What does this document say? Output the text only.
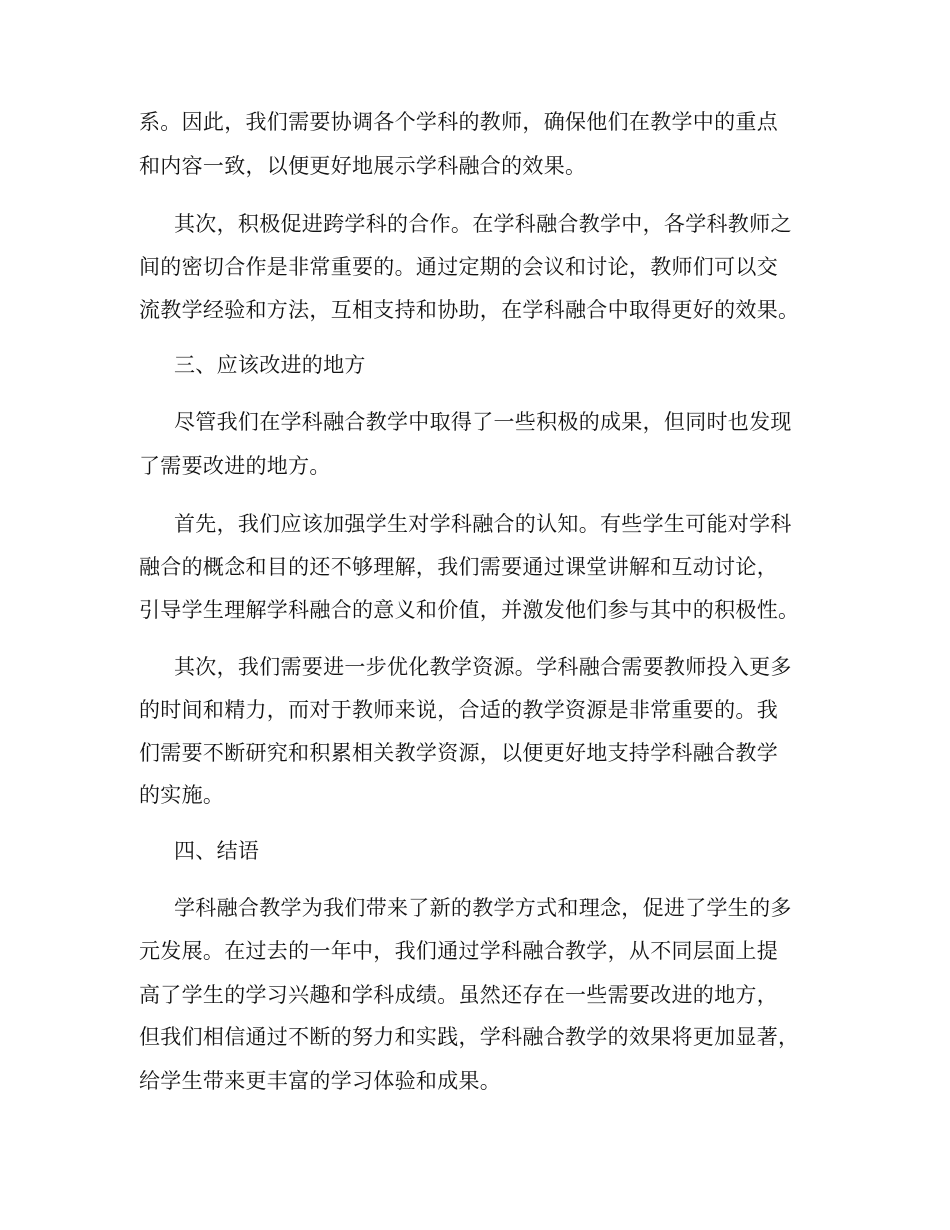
系。因此，我们需要协调各个学科的教师，确保他们在教学中的重点
和内容一致，以便更好地展示学科融合的效果。
其次，积极促进跨学科的合作。在学科融合教学中，各学科教师之
间的密切合作是非常重要的。通过定期的会议和讨论，教师们可以交
流教学经验和方法，互相支持和协助，在学科融合中取得更好的效果。
三、应该改进的地方
尽管我们在学科融合教学中取得了一些积极的成果，但同时也发现
了需要改进的地方。
首先，我们应该加强学生对学科融合的认知。有些学生可能对学科
融合的概念和目的还不够理解，我们需要通过课堂讲解和互动讨论，
引导学生理解学科融合的意义和价值，并激发他们参与其中的积极性。
其次，我们需要进一步优化教学资源。学科融合需要教师投入更多
的时间和精力，而对于教师来说，合适的教学资源是非常重要的。我
们需要不断研究和积累相关教学资源，以便更好地支持学科融合教学
的实施。
四、结语
学科融合教学为我们带来了新的教学方式和理念，促进了学生的多
元发展。在过去的一年中，我们通过学科融合教学，从不同层面上提
高了学生的学习兴趣和学科成绩。虽然还存在一些需要改进的地方，
但我们相信通过不断的努力和实践，学科融合教学的效果将更加显著，
给学生带来更丰富的学习体验和成果。
